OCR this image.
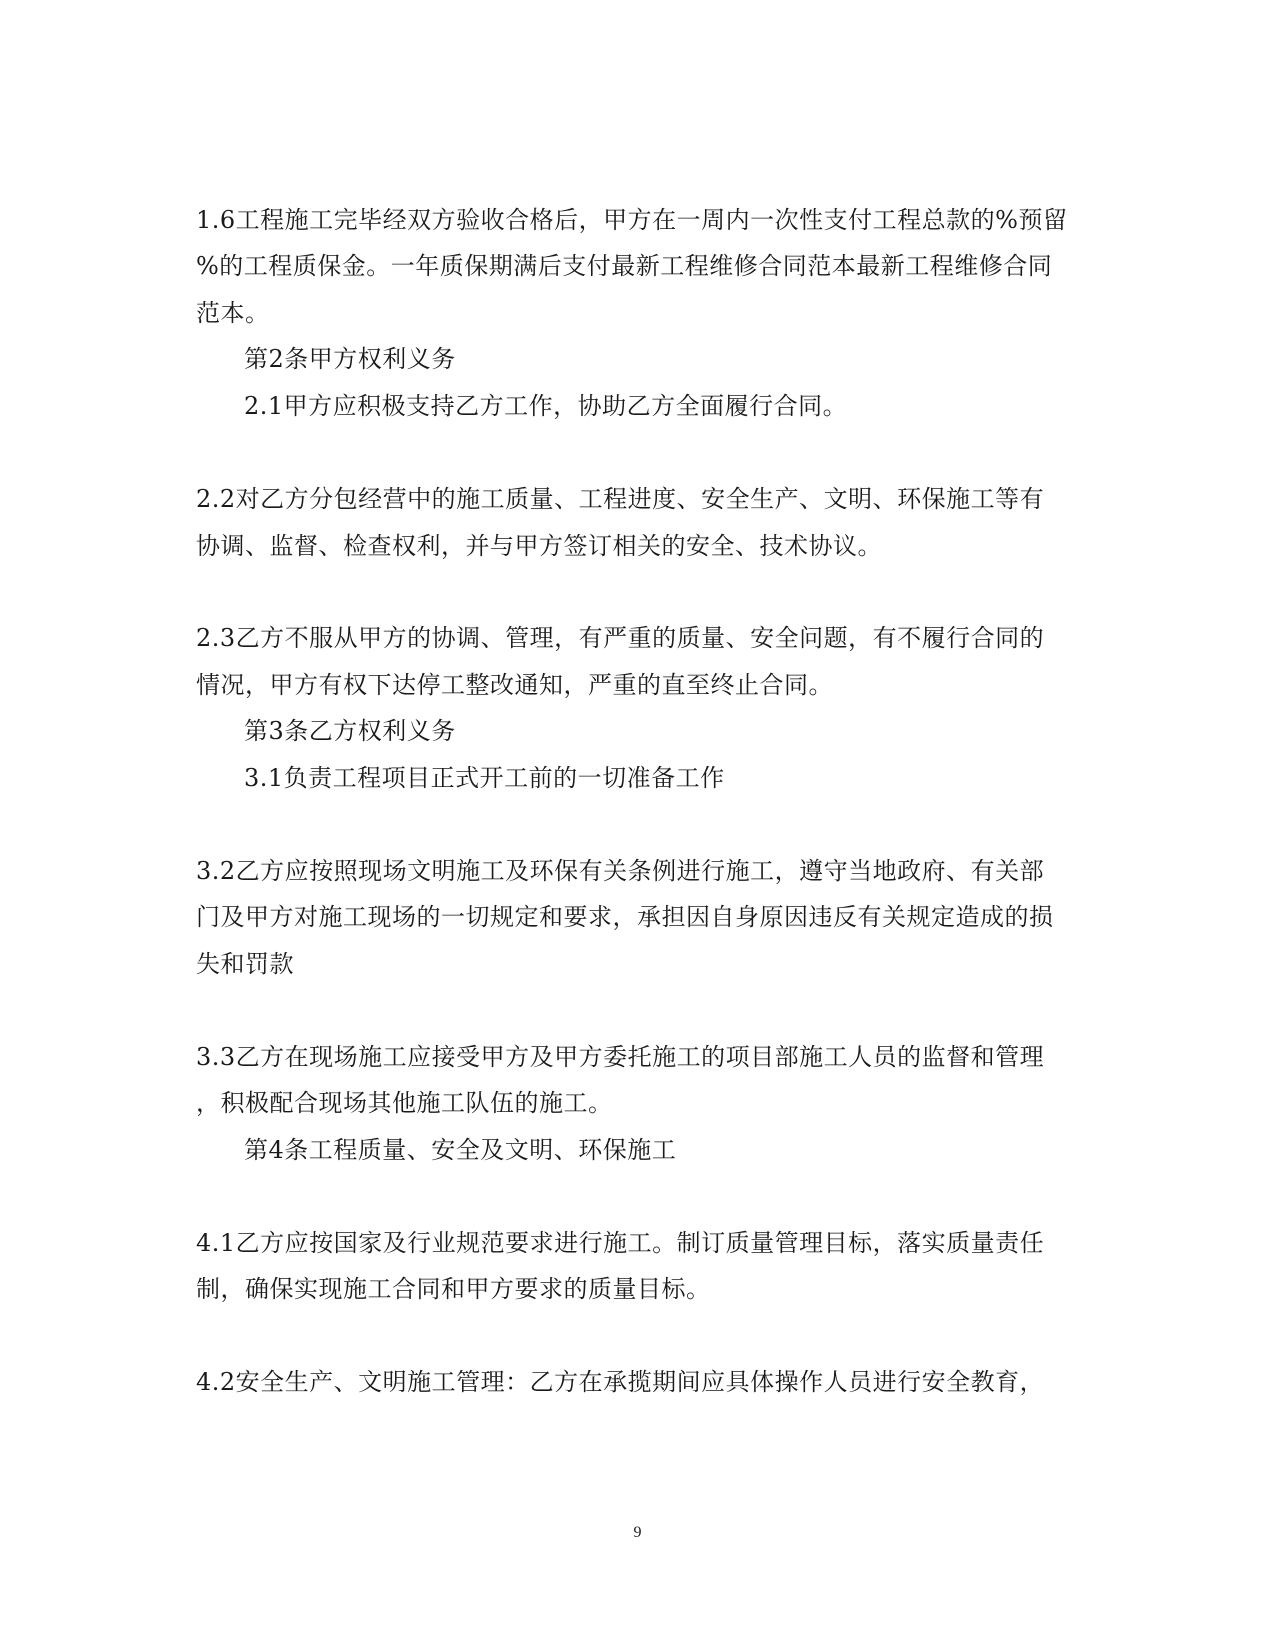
1.6工程施工完毕经双方验收合格后，甲方在一周内一次性支付工程总款的%预留
%的工程质保金。一年质保期满后支付最新工程维修合同范本最新工程维修合同
范本。
第2条甲方权利义务
2.1甲方应积极支持乙方工作，协助乙方全面履行合同。
2.2对乙方分包经营中的施工质量、工程进度、安全生产、文明、环保施工等有
协调、监督、检查权利，并与甲方签订相关的安全、技术协议。
2.3乙方不服从甲方的协调、管理，有严重的质量、安全问题，有不履行合同的
情况，甲方有权下达停工整改通知，严重的直至终止合同。
第3条乙方权利义务
3.1负责工程项目正式开工前的一切准备工作
3.2乙方应按照现场文明施工及环保有关条例进行施工，遵守当地政府、有关部
门及甲方对施工现场的一切规定和要求，承担因自身原因违反有关规定造成的损
失和罚款
3.3乙方在现场施工应接受甲方及甲方委托施工的项目部施工人员的监督和管理
，积极配合现场其他施工队伍的施工。
第4条工程质量、安全及文明、环保施工
4.1乙方应按国家及行业规范要求进行施工。制订质量管理目标，落实质量责任
制，确保实现施工合同和甲方要求的质量目标。
4.2安全生产、文明施工管理：乙方在承揽期间应具体操作人员进行安全教育，
9
